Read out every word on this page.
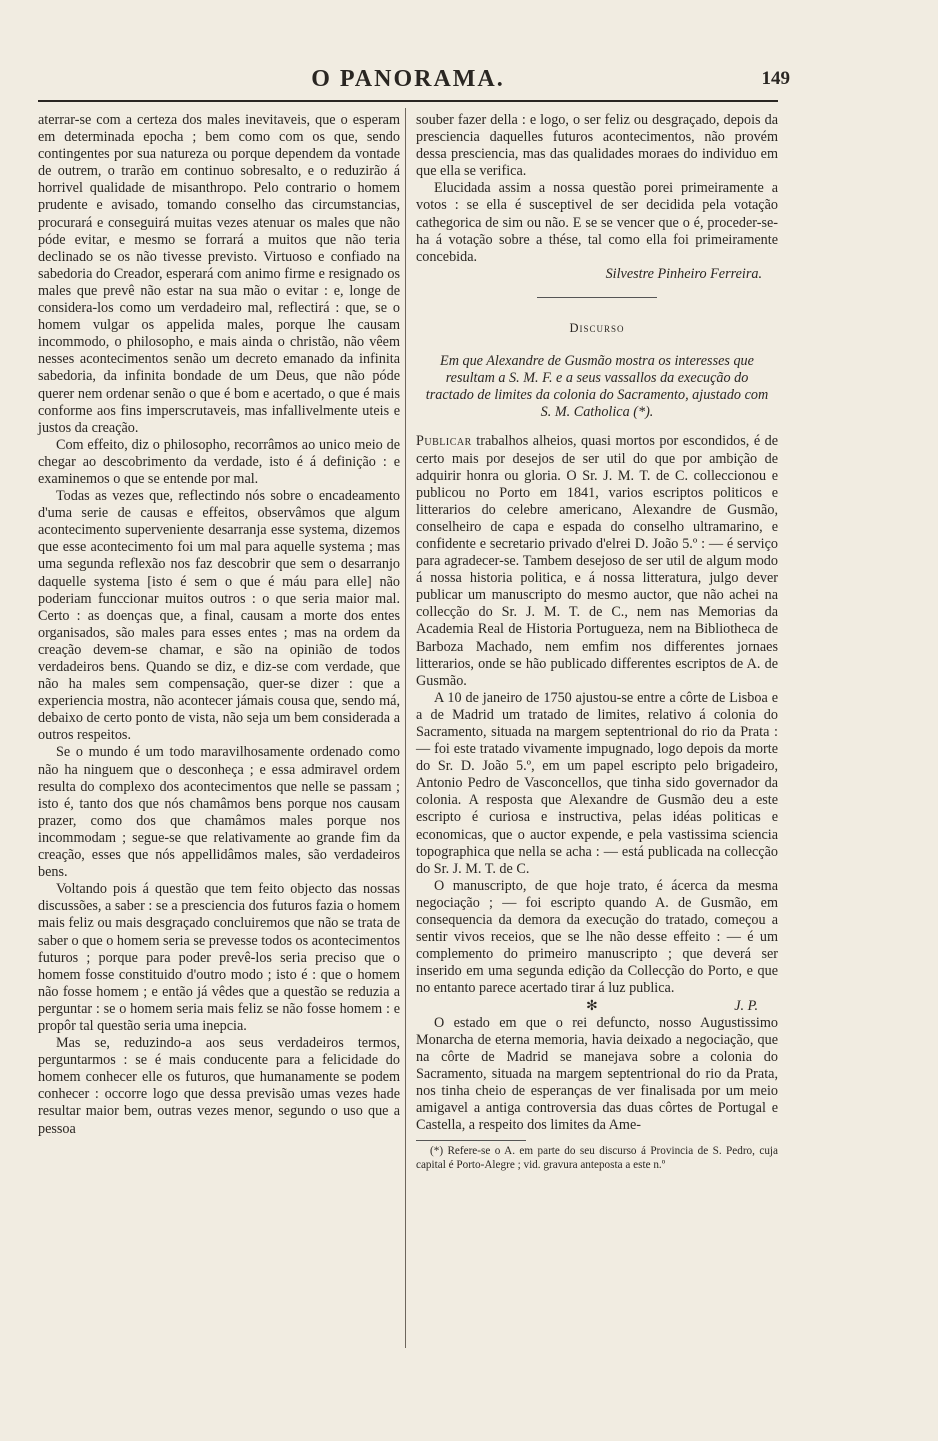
O PANORAMA.	149

aterrar-se com a certeza dos males inevitaveis, que o esperam em determinada epocha ; bem como com os que, sendo contingentes por sua natureza ou porque dependem da vontade de outrem, o trarão em continuo sobresalto, e o reduzirão á horrivel qualidade de misanthropo. Pelo contrario o homem prudente e avisado, tomando conselho das circumstancias, procurará e conseguirá muitas vezes atenuar os males que não póde evitar, e mesmo se forrará a muitos que não teria declinado se os não tivesse previsto. Virtuoso e confiado na sabedoria do Creador, esperará com animo firme e resignado os males que prevê não estar na sua mão o evitar : e, longe de considera-los como um verdadeiro mal, reflectirá : que, se o homem vulgar os appelida males, porque lhe causam incommodo, o philosopho, e mais ainda o christão, não vêem nesses acontecimentos senão um decreto emanado da infinita sabedoria, da infinita bondade de um Deus, que não póde querer nem ordenar senão o que é bom e acertado, o que é mais conforme aos fins imperscrutaveis, mas infallivelmente uteis e justos da creação.

Com effeito, diz o philosopho, recorrâmos ao unico meio de chegar ao descobrimento da verdade, isto é á definição : e examinemos o que se entende por mal.

Todas as vezes que, reflectindo nós sobre o encadeamento d'uma serie de causas e effeitos, observâmos que algum acontecimento superveniente desarranja esse systema, dizemos que esse acontecimento foi um mal para aquelle systema ; mas uma segunda reflexão nos faz descobrir que sem o desarranjo daquelle systema [isto é sem o que é máu para elle] não poderiam funccionar muitos outros : o que seria maior mal. Certo : as doenças que, a final, causam a morte dos entes organisados, são males para esses entes ; mas na ordem da creação devem-se chamar, e são na opinião de todos verdadeiros bens. Quando se diz, e diz-se com verdade, que não ha males sem compensação, quer-se dizer : que a experiencia mostra, não acontecer jámais cousa que, sendo má, debaixo de certo ponto de vista, não seja um bem considerada a outros respeitos.

Se o mundo é um todo maravilhosamente ordenado como não ha ninguem que o desconheça ; e essa admiravel ordem resulta do complexo dos acontecimentos que nelle se passam ; isto é, tanto dos que nós chamâmos bens porque nos causam prazer, como dos que chamâmos males porque nos incommodam ; segue-se que relativamente ao grande fim da creação, esses que nós appellidâmos males, são verdadeiros bens.

Voltando pois á questão que tem feito objecto das nossas discussões, a saber : se a presciencia dos futuros fazia o homem mais feliz ou mais desgraçado concluiremos que não se trata de saber o que o homem seria se prevesse todos os acontecimentos futuros ; porque para poder prevê-los seria preciso que o homem fosse constituido d'outro modo ; isto é : que o homem não fosse homem ; e então já vêdes que a questão se reduzia a perguntar : se o homem seria mais feliz se não fosse homem : e propôr tal questão seria uma inepcia.

Mas se, reduzindo-a aos seus verdadeiros termos, perguntarmos : se é mais conducente para a felicidade do homem conhecer elle os futuros, que humanamente se podem conhecer : occorre logo que dessa previsão umas vezes hade resultar maior bem, outras vezes menor, segundo o uso que a pessoa

souber fazer della : e logo, o ser feliz ou desgraçado, depois da presciencia daquelles futuros acontecimentos, não provém dessa presciencia, mas das qualidades moraes do individuo em que ella se verifica.

Elucidada assim a nossa questão porei primeiramente a votos : se ella é susceptivel de ser decidida pela votação cathegorica de sim ou não. E se se vencer que o é, proceder-se-ha á votação sobre a thése, tal como ella foi primeiramente concebida.

Silvestre Pinheiro Ferreira.

Discurso

Em que Alexandre de Gusmão mostra os interesses que resultam a S. M. F. e a seus vassallos da execução do tractado de limites da colonia do Sacramento, ajustado com S. M. Catholica (*).

Publicar trabalhos alheios, quasi mortos por escondidos, é de certo mais por desejos de ser util do que por ambição de adquirir honra ou gloria. O Sr. J. M. T. de C. colleccionou e publicou no Porto em 1841, varios escriptos politicos e litterarios do celebre americano, Alexandre de Gusmão, conselheiro de capa e espada do conselho ultramarino, e confidente e secretario privado d'elrei D. João 5.º : — é serviço para agradecer-se. Tambem desejoso de ser util de algum modo á nossa historia politica, e á nossa litteratura, julgo dever publicar um manuscripto do mesmo auctor, que não achei na collecção do Sr. J. M. T. de C., nem nas Memorias da Academia Real de Historia Portugueza, nem na Bibliotheca de Barboza Machado, nem emfim nos differentes jornaes litterarios, onde se hão publicado differentes escriptos de A. de Gusmão.

A 10 de janeiro de 1750 ajustou-se entre a côrte de Lisboa e a de Madrid um tratado de limites, relativo á colonia do Sacramento, situada na margem septentrional do rio da Prata : — foi este tratado vivamente impugnado, logo depois da morte do Sr. D. João 5.º, em um papel escripto pelo brigadeiro, Antonio Pedro de Vasconcellos, que tinha sido governador da colonia. A resposta que Alexandre de Gusmão deu a este escripto é curiosa e instructiva, pelas idéas politicas e economicas, que o auctor expende, e pela vastissima sciencia topographica que nella se acha : — está publicada na collecção do Sr. J. M. T. de C.

O manuscripto, de que hoje trato, é ácerca da mesma negociação ; — foi escripto quando A. de Gusmão, em consequencia da demora da execução do tratado, começou a sentir vivos receios, que se lhe não desse effeito : — é um complemento do primeiro manuscripto ; que deverá ser inserido em uma segunda edição da Collecção do Porto, e que no entanto parece acertado tirar á luz publica.

✻	J. P.

O estado em que o rei defuncto, nosso Augustissimo Monarcha de eterna memoria, havia deixado a negociação, que na côrte de Madrid se manejava sobre a colonia do Sacramento, situada na margem septentrional do rio da Prata, nos tinha cheio de esperanças de ver finalisada por um meio amigavel a antiga controversia das duas côrtes de Portugal e Castella, a respeito dos limites da Ame-

(*) Refere-se o A. em parte do seu discurso á Provincia de S. Pedro, cuja capital é Porto-Alegre ; vid. gravura anteposta a este n.º
